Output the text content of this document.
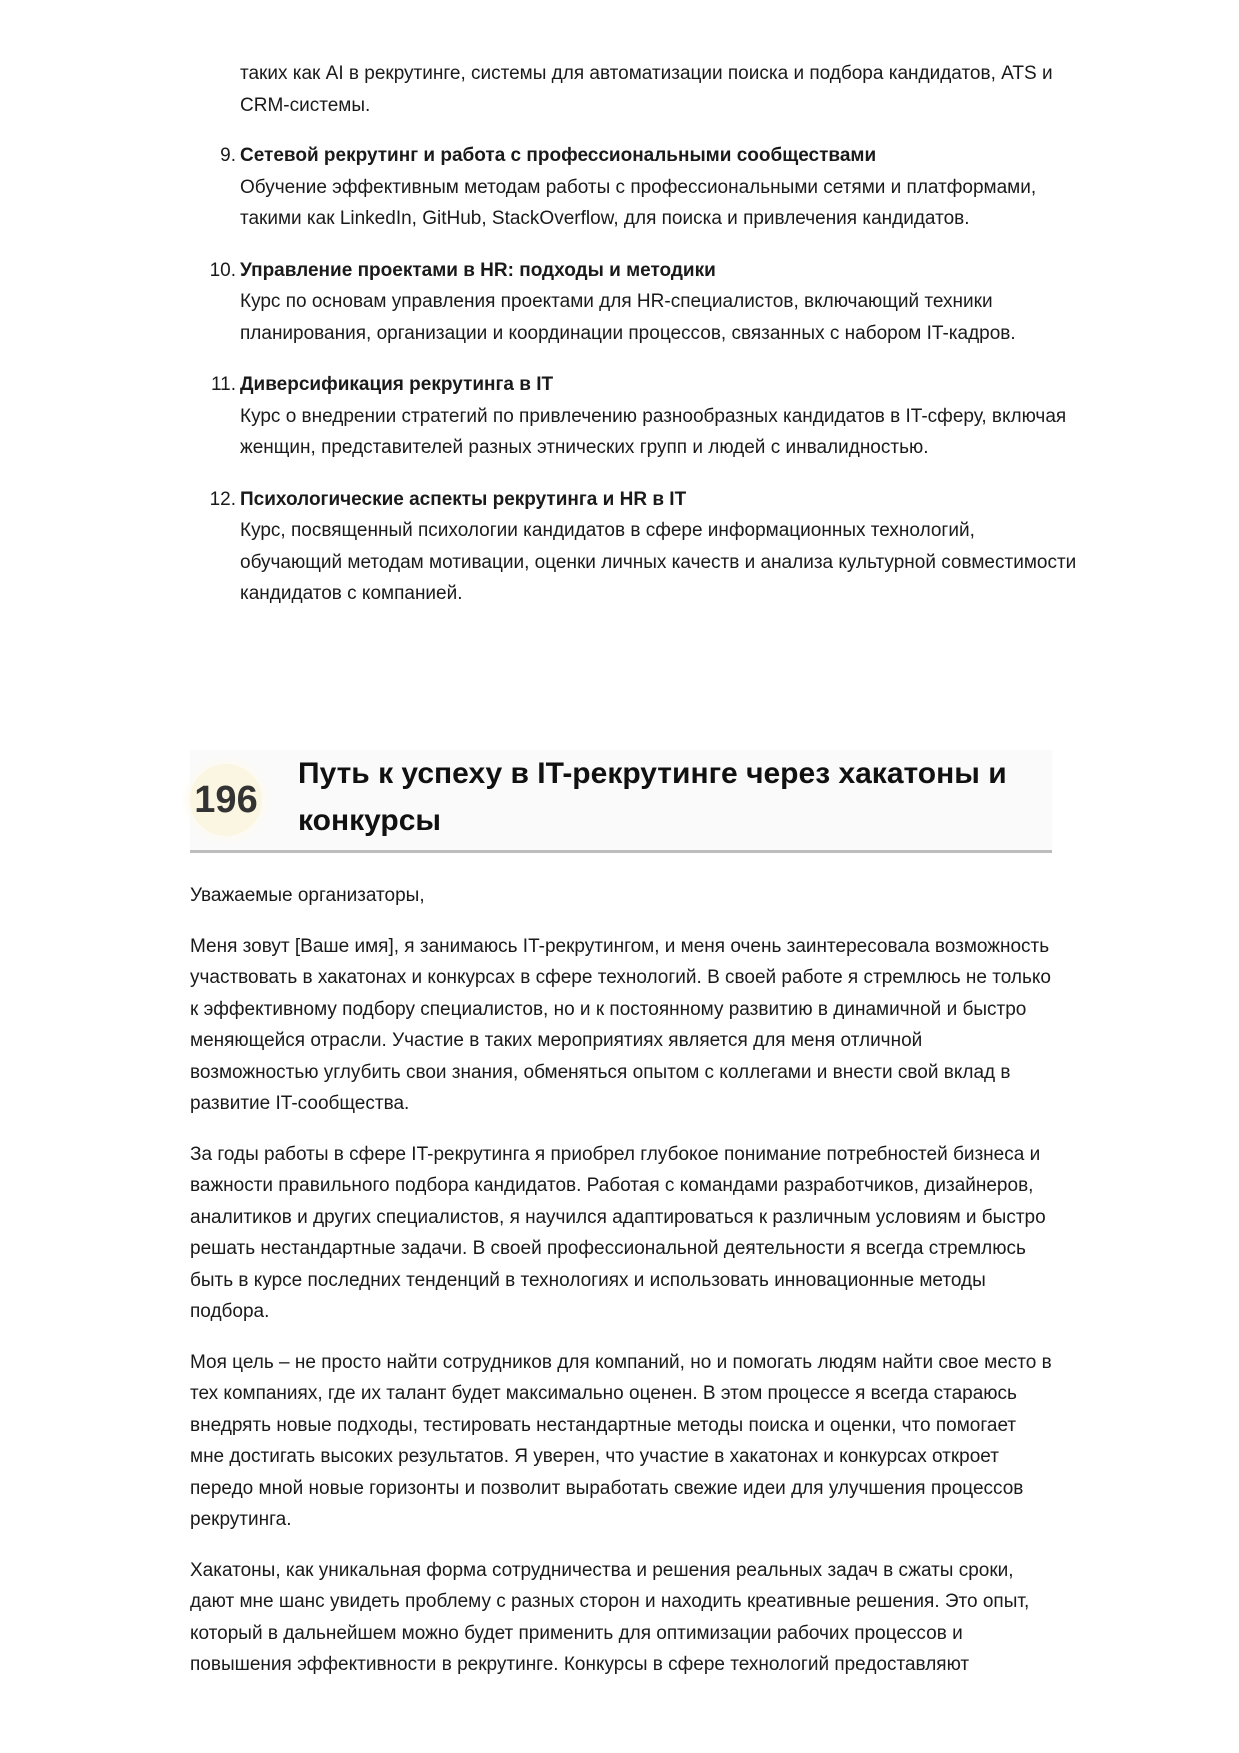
таких как AI в рекрутинге, системы для автоматизации поиска и подбора кандидатов, ATS и CRM-системы.

9. Сетевой рекрутинг и работа с профессиональными сообществами
Обучение эффективным методам работы с профессиональными сетями и платформами, такими как LinkedIn, GitHub, StackOverflow, для поиска и привлечения кандидатов.
10. Управление проектами в HR: подходы и методики
Курс по основам управления проектами для HR-специалистов, включающий техники планирования, организации и координации процессов, связанных с набором IT-кадров.
11. Диверсификация рекрутинга в IT
Курс о внедрении стратегий по привлечению разнообразных кандидатов в IT-сферу, включая женщин, представителей разных этнических групп и людей с инвалидностью.
12. Психологические аспекты рекрутинга и HR в IT
Курс, посвященный психологии кандидатов в сфере информационных технологий, обучающий методам мотивации, оценки личных качеств и анализа культурной совместимости кандидатов с компанией.
196
Путь к успеху в IT-рекрутинге через хакатоны и конкурсы

Уважаемые организаторы,

Меня зовут [Ваше имя], я занимаюсь IT-рекрутингом, и меня очень заинтересовала возможность участвовать в хакатонах и конкурсах в сфере технологий. В своей работе я стремлюсь не только к эффективному подбору специалистов, но и к постоянному развитию в динамичной и быстро меняющейся отрасли. Участие в таких мероприятиях является для меня отличной возможностью углубить свои знания, обменяться опытом с коллегами и внести свой вклад в развитие IT-сообщества.

За годы работы в сфере IT-рекрутинга я приобрел глубокое понимание потребностей бизнеса и важности правильного подбора кандидатов. Работая с командами разработчиков, дизайнеров, аналитиков и других специалистов, я научился адаптироваться к различным условиям и быстро решать нестандартные задачи. В своей профессиональной деятельности я всегда стремлюсь быть в курсе последних тенденций в технологиях и использовать инновационные методы подбора.

Моя цель – не просто найти сотрудников для компаний, но и помогать людям найти свое место в тех компаниях, где их талант будет максимально оценен. В этом процессе я всегда стараюсь внедрять новые подходы, тестировать нестандартные методы поиска и оценки, что помогает мне достигать высоких результатов. Я уверен, что участие в хакатонах и конкурсах откроет передо мной новые горизонты и позволит выработать свежие идеи для улучшения процессов рекрутинга.

Хакатоны, как уникальная форма сотрудничества и решения реальных задач в сжаты сроки, дают мне шанс увидеть проблему с разных сторон и находить креативные решения. Это опыт, который в дальнейшем можно будет применить для оптимизации рабочих процессов и повышения эффективности в рекрутинге. Конкурсы в сфере технологий предоставляют
